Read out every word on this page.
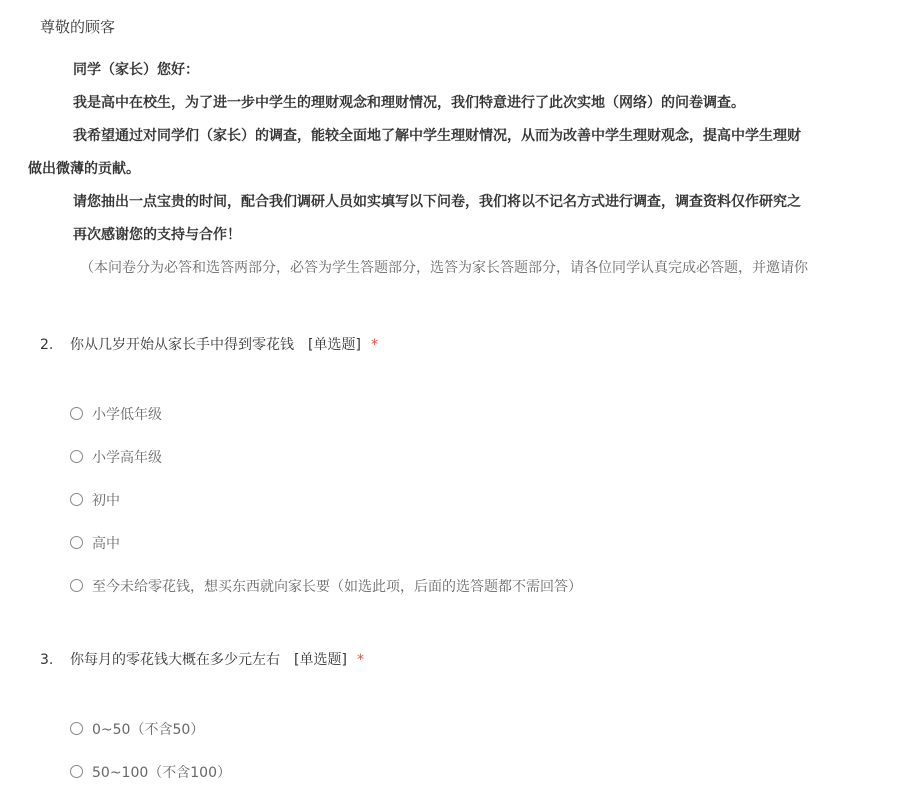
尊敬的顾客

同学（家长）您好：

我是高中在校生，为了进一步中学生的理财观念和理财情况，我们特意进行了此次实地（网络）的问卷调查。

我希望通过对同学们（家长）的调查，能较全面地了解中学生理财情况，从而为改善中学生理财观念，提高中学生理财

做出微薄的贡献。

请您抽出一点宝贵的时间，配合我们调研人员如实填写以下问卷，我们将以不记名方式进行调查，调查资料仅作研究之

再次感谢您的支持与合作！

（本问卷分为必答和选答两部分，必答为学生答题部分，选答为家长答题部分，请各位同学认真完成必答题，并邀请你

2. 你从几岁开始从家长手中得到零花钱 [单选题] *
小学低年级
小学高年级
初中
高中
至今未给零花钱，想买东西就向家长要（如选此项，后面的选答题都不需回答）
3. 你每月的零花钱大概在多少元左右 [单选题] *
0~50（不含50）
50~100（不含100）
